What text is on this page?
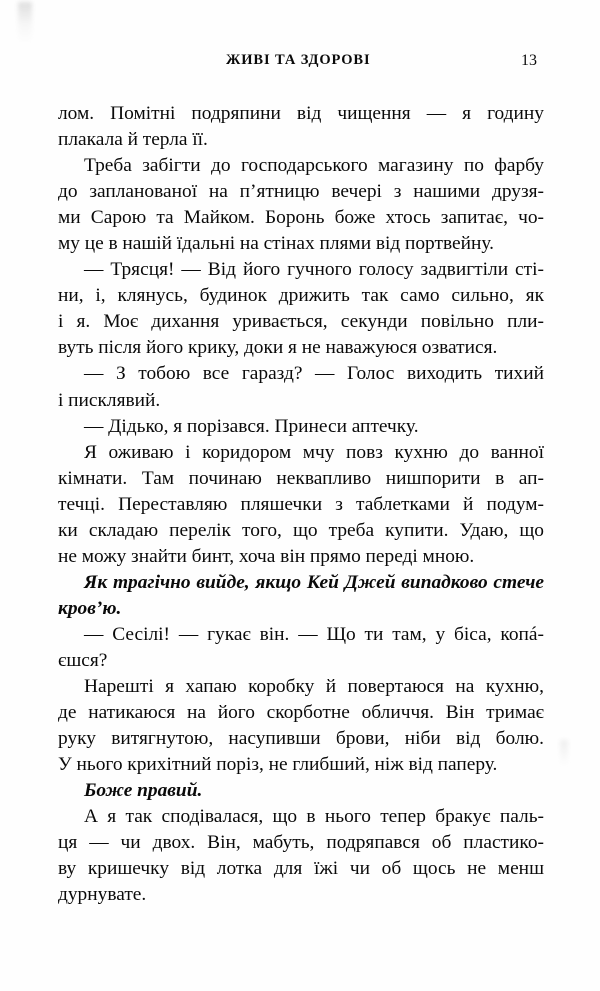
ЖИВІ ТА ЗДОРОВІ	13

лом. Помітні подряпини від чищення — я годину
плакала й терла її.

Треба забігти до господарського магазину по фарбу
до запланованої на п’ятницю вечері з нашими друзя-
ми Сарою та Майком. Боронь боже хтось запитає, чо-
му це в нашій їдальні на стінах плями від портвейну.

— Трясця! — Від його гучного голосу задвигтіли сті-
ни, і, клянусь, будинок дрижить так само сильно, як
і я. Моє дихання уривається, секунди повільно пли-
вуть після його крику, доки я не наважуюся озватися.

— З тобою все гаразд? — Голос виходить тихий
і писклявий.

— Дідько, я порізався. Принеси аптечку.

Я оживаю і коридором мчу повз кухню до ванної
кімнати. Там починаю неквапливо нишпорити в ап-
течці. Переставляю пляшечки з таблетками й подум-
ки складаю перелік того, що треба купити. Удаю, що
не можу знайти бинт, хоча він прямо переді мною.

Як трагічно вийде, якщо Кей Джей випадково стече
кров’ю.

— Сесілі! — гукає він. — Що ти там, у біса, копá-
єшся?

Нарешті я хапаю коробку й повертаюся на кухню,
де натикаюся на його скорботне обличчя. Він тримає
руку витягнутою, насупивши брови, ніби від болю.
У нього крихітний поріз, не глибший, ніж від паперу.

Боже правий.

А я так сподівалася, що в нього тепер бракує паль-
ця — чи двох. Він, мабуть, подряпався об пластико-
ву кришечку від лотка для їжі чи об щось не менш
дурнувате.
